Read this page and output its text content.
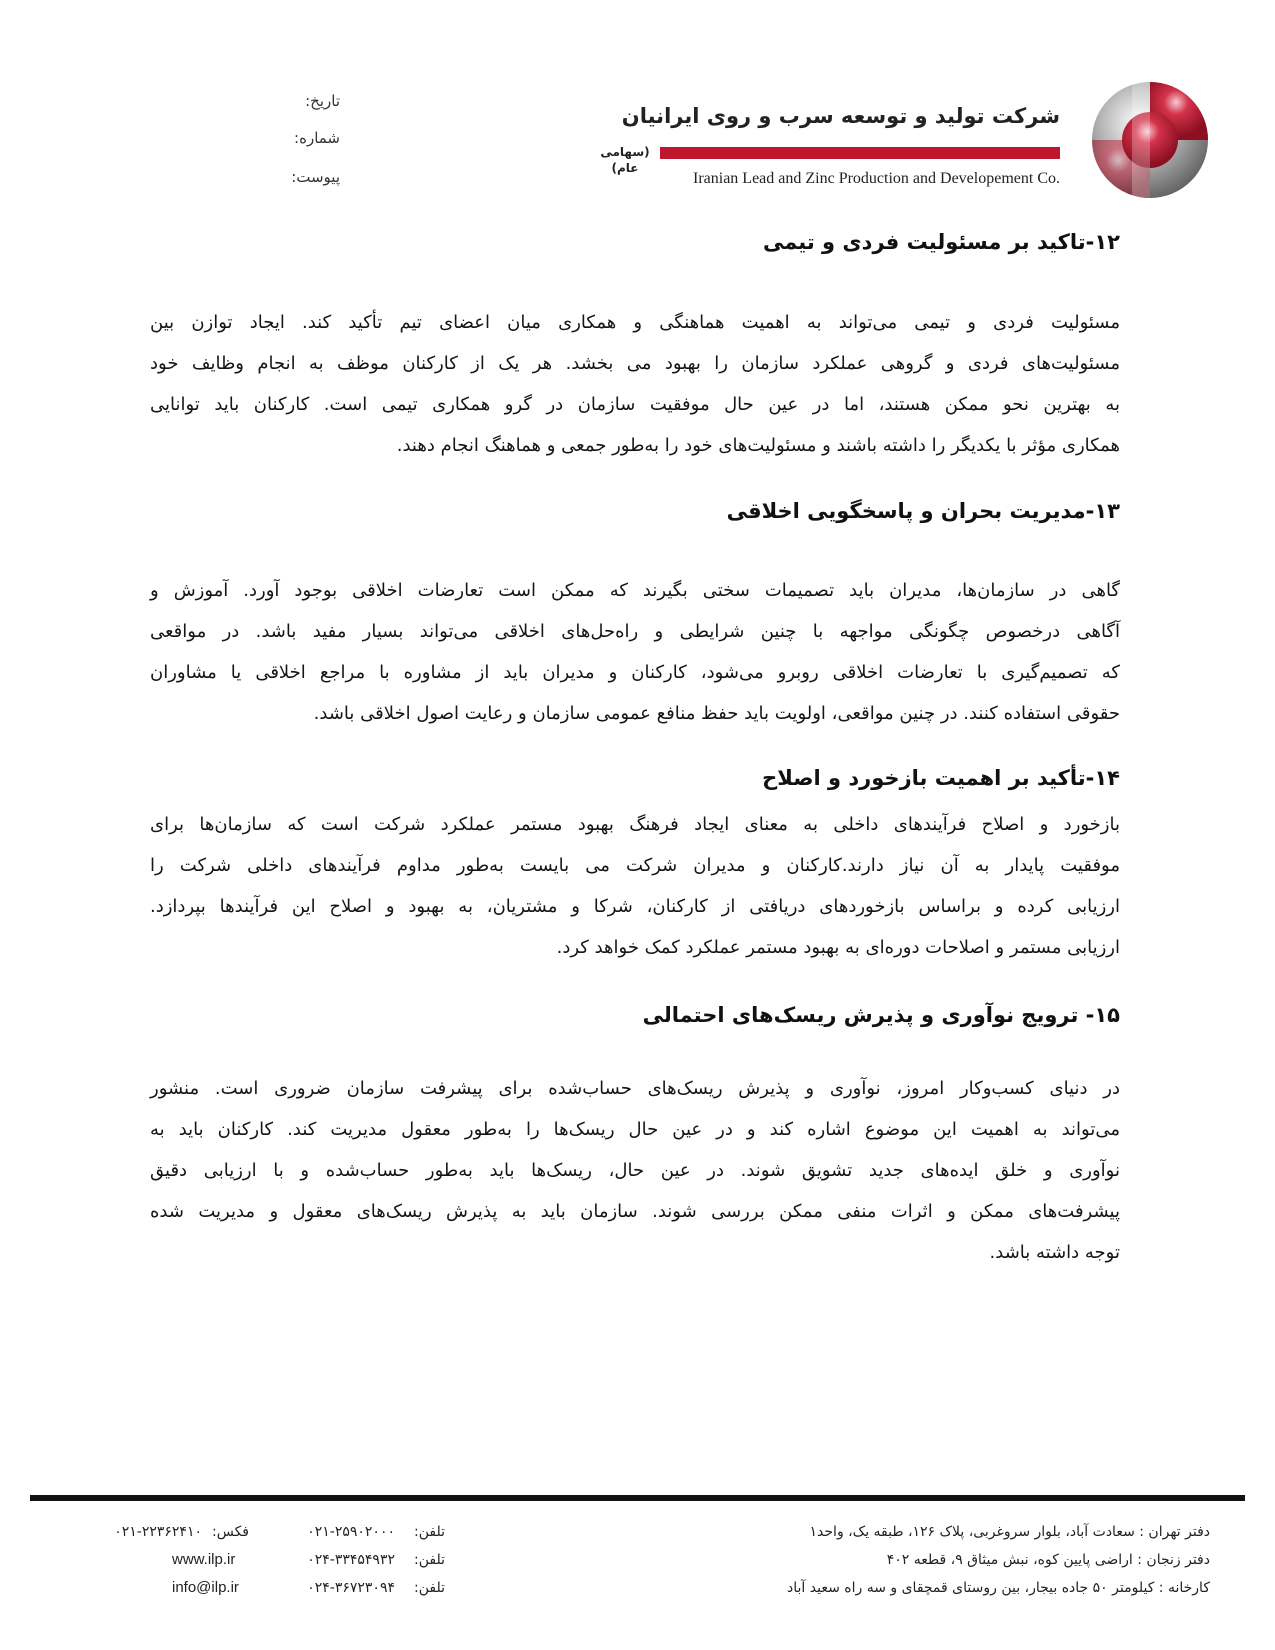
شرکت تولید و توسعه سرب و روی ایرانیان
(سهامی عام)
Iranian Lead and Zinc Production and Developement Co.
تاریخ:
شماره:
پیوست:
۱۲-تاکید بر مسئولیت فردی و تیمی
مسئولیت فردی و تیمی می‌تواند به اهمیت هماهنگی و همکاری میان اعضای تیم تأکید کند. ایجاد توازن بین
مسئولیت‌های فردی و گروهی عملکرد سازمان را بهبود می بخشد. هر یک از کارکنان موظف به انجام وظایف خود
به بهترین نحو ممکن هستند، اما در عین حال موفقیت سازمان در گرو همکاری تیمی است. کارکنان باید توانایی
همکاری مؤثر با یکدیگر را داشته باشند و مسئولیت‌های خود را به‌طور جمعی و هماهنگ انجام دهند.
۱۳-مدیریت بحران و پاسخگویی اخلاقی
گاهی در سازمان‌ها، مدیران باید تصمیمات سختی بگیرند که ممکن است تعارضات اخلاقی بوجود آورد. آموزش و
آگاهی درخصوص چگونگی مواجهه با چنین شرایطی و راه‌حل‌های اخلاقی می‌تواند بسیار مفید باشد. در مواقعی
که تصمیم‌گیری با تعارضات اخلاقی روبرو می‌شود، کارکنان و مدیران باید از مشاوره با مراجع اخلاقی یا مشاوران
حقوقی استفاده کنند. در چنین مواقعی، اولویت باید حفظ منافع عمومی سازمان و رعایت اصول اخلاقی باشد.
۱۴-تأکید بر اهمیت بازخورد و اصلاح
بازخورد و اصلاح فرآیندهای داخلی به معنای ایجاد فرهنگ بهبود مستمر عملکرد شرکت است که سازمان‌ها برای
موفقیت پایدار به آن نیاز دارند.کارکنان و مدیران شرکت می بایست به‌طور مداوم فرآیندهای داخلی شرکت را
ارزیابی کرده و براساس بازخوردهای دریافتی از کارکنان، شرکا و مشتریان، به بهبود و اصلاح این فرآیندها بپردازد.
ارزیابی مستمر و اصلاحات دوره‌ای به بهبود مستمر عملکرد کمک خواهد کرد.
۱۵- ترویج نوآوری و پذیرش ریسک‌های احتمالی
در دنیای کسب‌وکار امروز، نوآوری و پذیرش ریسک‌های حساب‌شده برای پیشرفت سازمان ضروری است. منشور
می‌تواند به اهمیت این موضوع اشاره کند و در عین حال ریسک‌ها را به‌طور معقول مدیریت کند. کارکنان باید به
نوآوری و خلق ایده‌های جدید تشویق شوند. در عین حال، ریسک‌ها باید به‌طور حساب‌شده و با ارزیابی دقیق
پیشرفت‌های ممکن و اثرات منفی ممکن بررسی شوند. سازمان باید به پذیرش ریسک‌های معقول و مدیریت شده
توجه داشته باشد.
دفتر تهران : سعادت آباد، بلوار سروغربی، پلاک ۱۲۶، طبقه یک، واحد۱
دفتر زنجان : اراضی پایین کوه، نبش میثاق ۹، قطعه ۴۰۲
کارخانه : کیلومتر ۵۰ جاده بیجار، بین روستای قمچقای و سه راه سعید آباد
تلفن:
۰۲۱-۲۵۹۰۲۰۰۰
تلفن:
۰۲۴-۳۳۴۵۴۹۳۲
تلفن:
۰۲۴-۳۶۷۲۳۰۹۴
فکس:
۰۲۱-۲۲۳۶۲۴۱۰
www.ilp.ir
info@ilp.ir
